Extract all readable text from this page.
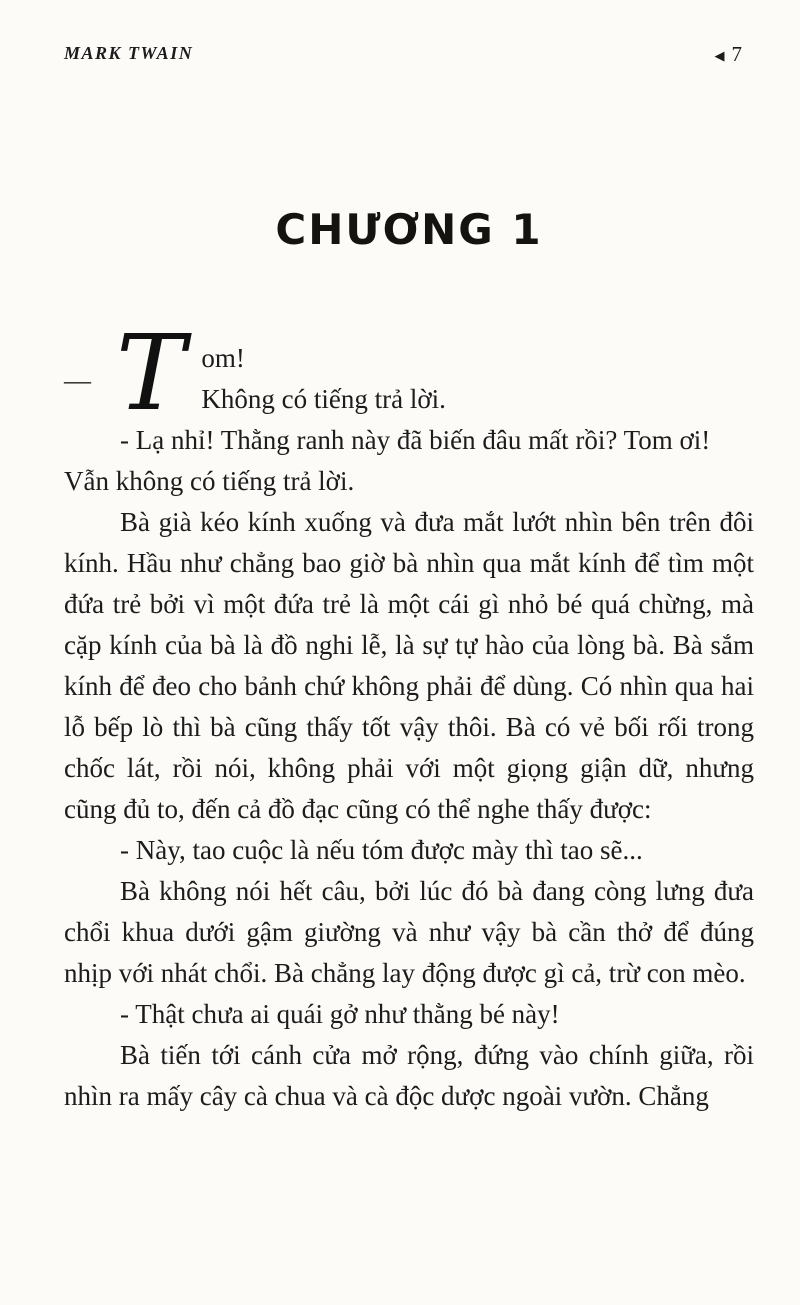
MARK TWAIN	◀ 7
CHƯƠNG 1
— T om!
Không có tiếng trả lời.

- Lạ nhỉ! Thằng ranh này đã biến đâu mất rồi? Tom ơi!

Vẫn không có tiếng trả lời.

Bà già kéo kính xuống và đưa mắt lướt nhìn bên trên đôi kính. Hầu như chẳng bao giờ bà nhìn qua mắt kính để tìm một đứa trẻ bởi vì một đứa trẻ là một cái gì nhỏ bé quá chừng, mà cặp kính của bà là đồ nghi lễ, là sự tự hào của lòng bà. Bà sắm kính để đeo cho bảnh chứ không phải để dùng. Có nhìn qua hai lỗ bếp lò thì bà cũng thấy tốt vậy thôi. Bà có vẻ bối rối trong chốc lát, rồi nói, không phải với một giọng giận dữ, nhưng cũng đủ to, đến cả đồ đạc cũng có thể nghe thấy được:

- Này, tao cuộc là nếu tóm được mày thì tao sẽ...

Bà không nói hết câu, bởi lúc đó bà đang còng lưng đưa chổi khua dưới gậm giường và như vậy bà cần thở để đúng nhịp với nhát chổi. Bà chẳng lay động được gì cả, trừ con mèo.

- Thật chưa ai quái gở như thằng bé này!

Bà tiến tới cánh cửa mở rộng, đứng vào chính giữa, rồi nhìn ra mấy cây cà chua và cà độc dược ngoài vườn. Chẳng
